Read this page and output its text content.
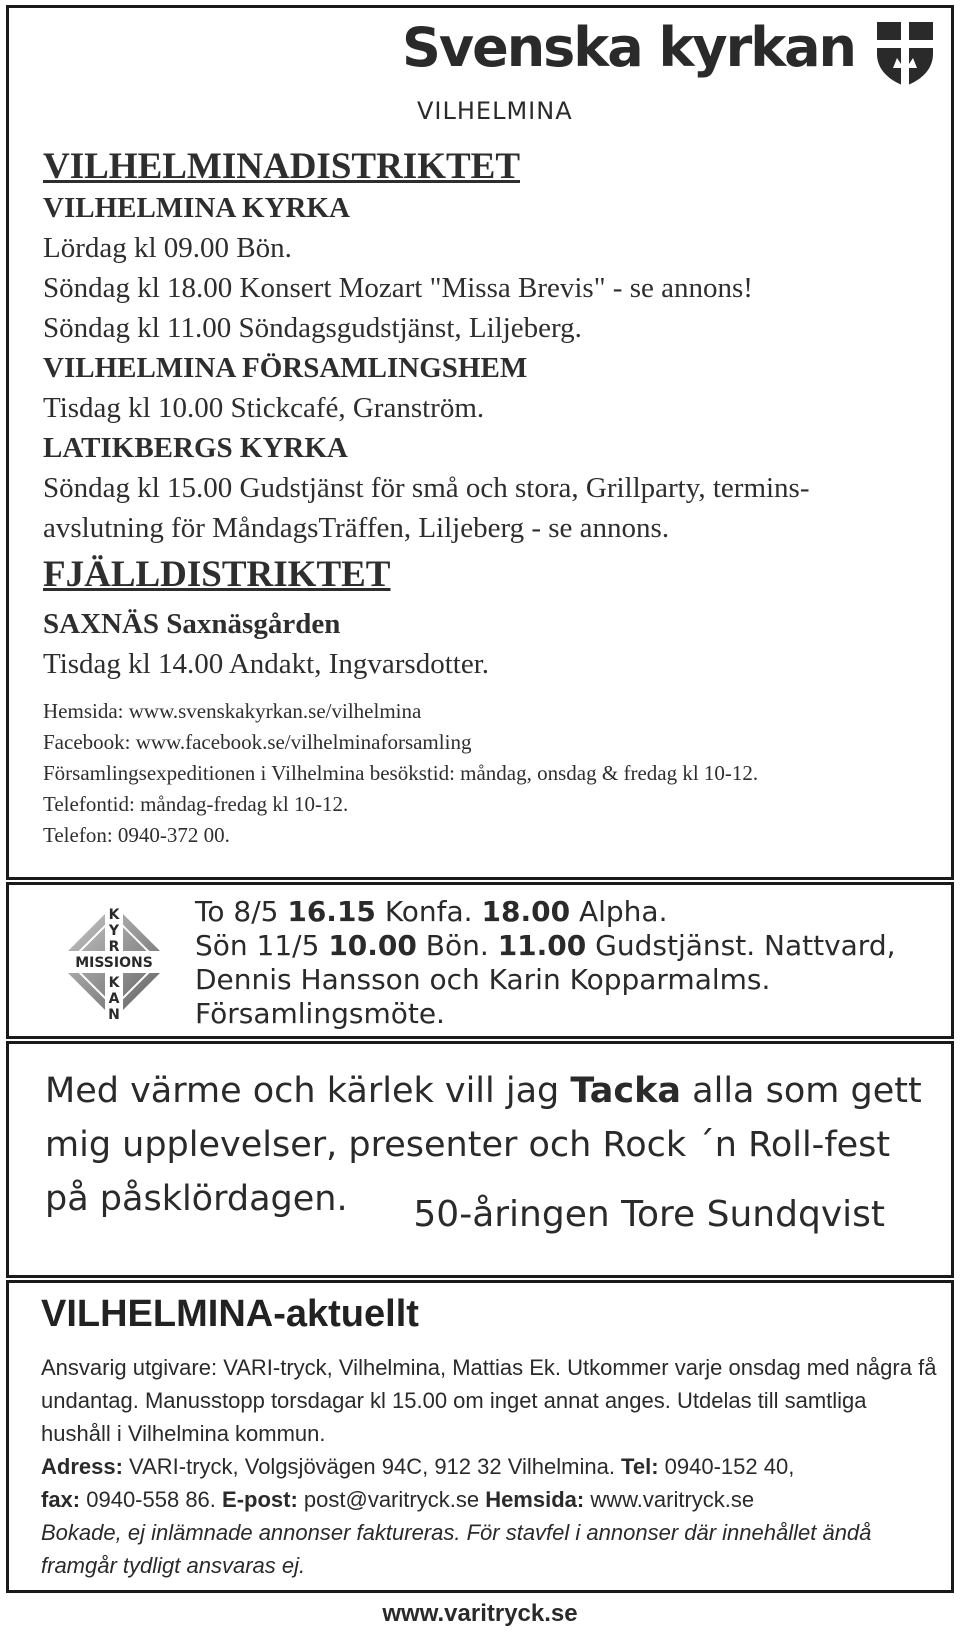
Svenska kyrkan
VILHELMINA

VILHELMINADISTRIKTET

VILHELMINA KYRKA

Lördag kl 09.00 Bön.

Söndag kl 18.00 Konsert Mozart "Missa Brevis" - se annons!

Söndag kl 11.00 Söndagsgudstjänst, Liljeberg.

VILHELMINA FÖRSAMLINGSHEM

Tisdag kl 10.00 Stickcafé, Granström.

LATIKBERGS KYRKA

Söndag kl 15.00 Gudstjänst för små och stora, Grillparty, termins-

avslutning för MåndagsTräffen, Liljeberg - se annons.

FJÄLLDISTRIKTET

SAXNÄS Saxnäsgården

Tisdag kl 14.00 Andakt, Ingvarsdotter.

Hemsida: www.svenskakyrkan.se/vilhelmina

Facebook: www.facebook.se/vilhelminaforsamling

Församlingsexpeditionen i Vilhelmina besökstid: måndag, onsdag & fredag kl 10-12.

Telefontid: måndag-fredag kl 10-12.

Telefon: 0940-372 00.

K
Y
R
MISSIONS
K
A
N
To 8/5 16.15 Konfa. 18.00 Alpha.
Sön 11/5 10.00 Bön. 11.00 Gudstjänst. Nattvard,
Dennis Hansson och Karin Kopparmalms.
Församlingsmöte.
Med värme och kärlek vill jag Tacka alla som gett mig upplevelser, presenter och Rock ´n Roll-fest på påsklördagen.	50-åringen Tore Sundqvist
VILHELMINA-aktuellt
Ansvarig utgivare: VARI-tryck, Vilhelmina, Mattias Ek. Utkommer varje onsdag med några få undantag. Manusstopp torsdagar kl 15.00 om inget annat anges. Utdelas till samtliga hushåll i Vilhelmina kommun.
Adress: VARI-tryck, Volgsjövägen 94C, 912 32 Vilhelmina. Tel: 0940-152 40,
fax: 0940-558 86. E-post: post@varitryck.se Hemsida: www.varitryck.se
Bokade, ej inlämnade annonser faktureras. För stavfel i annonser där innehållet ändå framgår tydligt ansvaras ej.
www.varitryck.se
